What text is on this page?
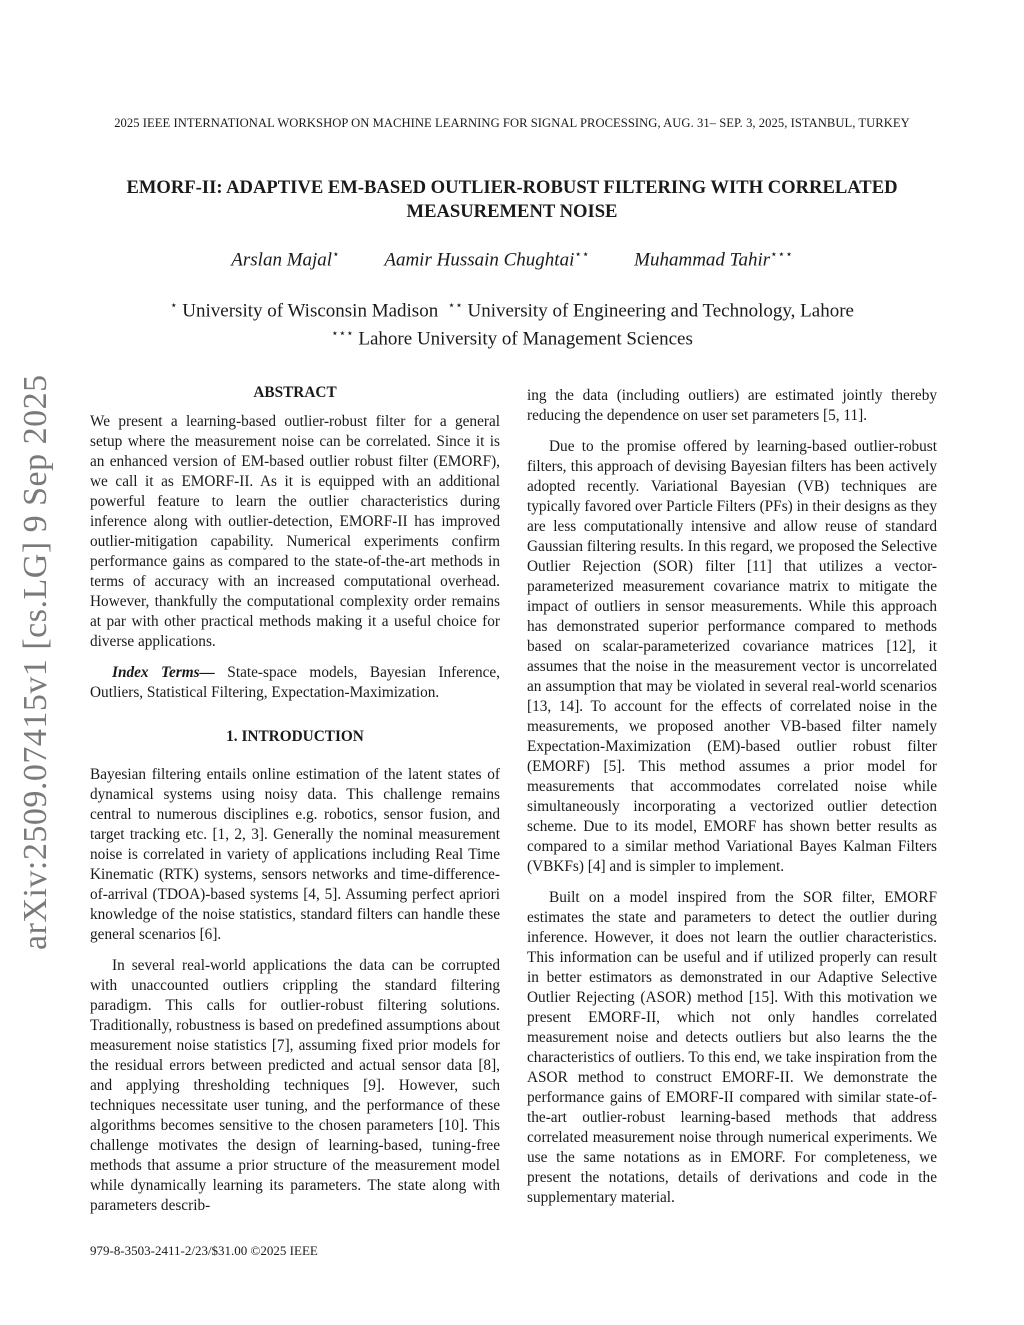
arXiv:2509.07415v1 [cs.LG] 9 Sep 2025
2025 IEEE INTERNATIONAL WORKSHOP ON MACHINE LEARNING FOR SIGNAL PROCESSING, AUG. 31– SEP. 3, 2025, ISTANBUL, TURKEY
EMORF-II: ADAPTIVE EM-BASED OUTLIER-ROBUST FILTERING WITH CORRELATED MEASUREMENT NOISE
Arslan Majal⋆ Aamir Hussain Chughtai⋆⋆ Muhammad Tahir⋆⋆⋆
⋆ University of Wisconsin Madison  ⋆⋆ University of Engineering and Technology, Lahore
⋆⋆⋆ Lahore University of Management Sciences
ABSTRACT

We present a learning-based outlier-robust filter for a general setup where the measurement noise can be correlated. Since it is an enhanced version of EM-based outlier robust filter (EMORF), we call it as EMORF-II. As it is equipped with an additional powerful feature to learn the outlier characteristics during inference along with outlier-detection, EMORF-II has improved outlier-mitigation capability. Numerical experiments confirm performance gains as compared to the state-of-the-art methods in terms of accuracy with an increased computational overhead. However, thankfully the computational complexity order remains at par with other practical methods making it a useful choice for diverse applications.

Index Terms— State-space models, Bayesian Inference, Outliers, Statistical Filtering, Expectation-Maximization.

1. INTRODUCTION

Bayesian filtering entails online estimation of the latent states of dynamical systems using noisy data. This challenge remains central to numerous disciplines e.g. robotics, sensor fusion, and target tracking etc. [1, 2, 3]. Generally the nominal measurement noise is correlated in variety of applications including Real Time Kinematic (RTK) systems, sensors networks and time-difference-of-arrival (TDOA)-based systems [4, 5]. Assuming perfect apriori knowledge of the noise statistics, standard filters can handle these general scenarios [6].

In several real-world applications the data can be corrupted with unaccounted outliers crippling the standard filtering paradigm. This calls for outlier-robust filtering solutions. Traditionally, robustness is based on predefined assumptions about measurement noise statistics [7], assuming fixed prior models for the residual errors between predicted and actual sensor data [8], and applying thresholding techniques [9]. However, such techniques necessitate user tuning, and the performance of these algorithms becomes sensitive to the chosen parameters [10]. This challenge motivates the design of learning-based, tuning-free methods that assume a prior structure of the measurement model while dynamically learning its parameters. The state along with parameters describ-

ing the data (including outliers) are estimated jointly thereby reducing the dependence on user set parameters [5, 11].

Due to the promise offered by learning-based outlier-robust filters, this approach of devising Bayesian filters has been actively adopted recently. Variational Bayesian (VB) techniques are typically favored over Particle Filters (PFs) in their designs as they are less computationally intensive and allow reuse of standard Gaussian filtering results. In this regard, we proposed the Selective Outlier Rejection (SOR) filter [11] that utilizes a vector-parameterized measurement covariance matrix to mitigate the impact of outliers in sensor measurements. While this approach has demonstrated superior performance compared to methods based on scalar-parameterized covariance matrices [12], it assumes that the noise in the measurement vector is uncorrelated an assumption that may be violated in several real-world scenarios [13, 14]. To account for the effects of correlated noise in the measurements, we proposed another VB-based filter namely Expectation-Maximization (EM)-based outlier robust filter (EMORF) [5]. This method assumes a prior model for measurements that accommodates correlated noise while simultaneously incorporating a vectorized outlier detection scheme. Due to its model, EMORF has shown better results as compared to a similar method Variational Bayes Kalman Filters (VBKFs) [4] and is simpler to implement.

Built on a model inspired from the SOR filter, EMORF estimates the state and parameters to detect the outlier during inference. However, it does not learn the outlier characteristics. This information can be useful and if utilized properly can result in better estimators as demonstrated in our Adaptive Selective Outlier Rejecting (ASOR) method [15]. With this motivation we present EMORF-II, which not only handles correlated measurement noise and detects outliers but also learns the the characteristics of outliers. To this end, we take inspiration from the ASOR method to construct EMORF-II. We demonstrate the performance gains of EMORF-II compared with similar state-of-the-art outlier-robust learning-based methods that address correlated measurement noise through numerical experiments. We use the same notations as in EMORF. For completeness, we present the notations, details of derivations and code in the supplementary material.

979-8-3503-2411-2/23/$31.00 ©2025 IEEE
